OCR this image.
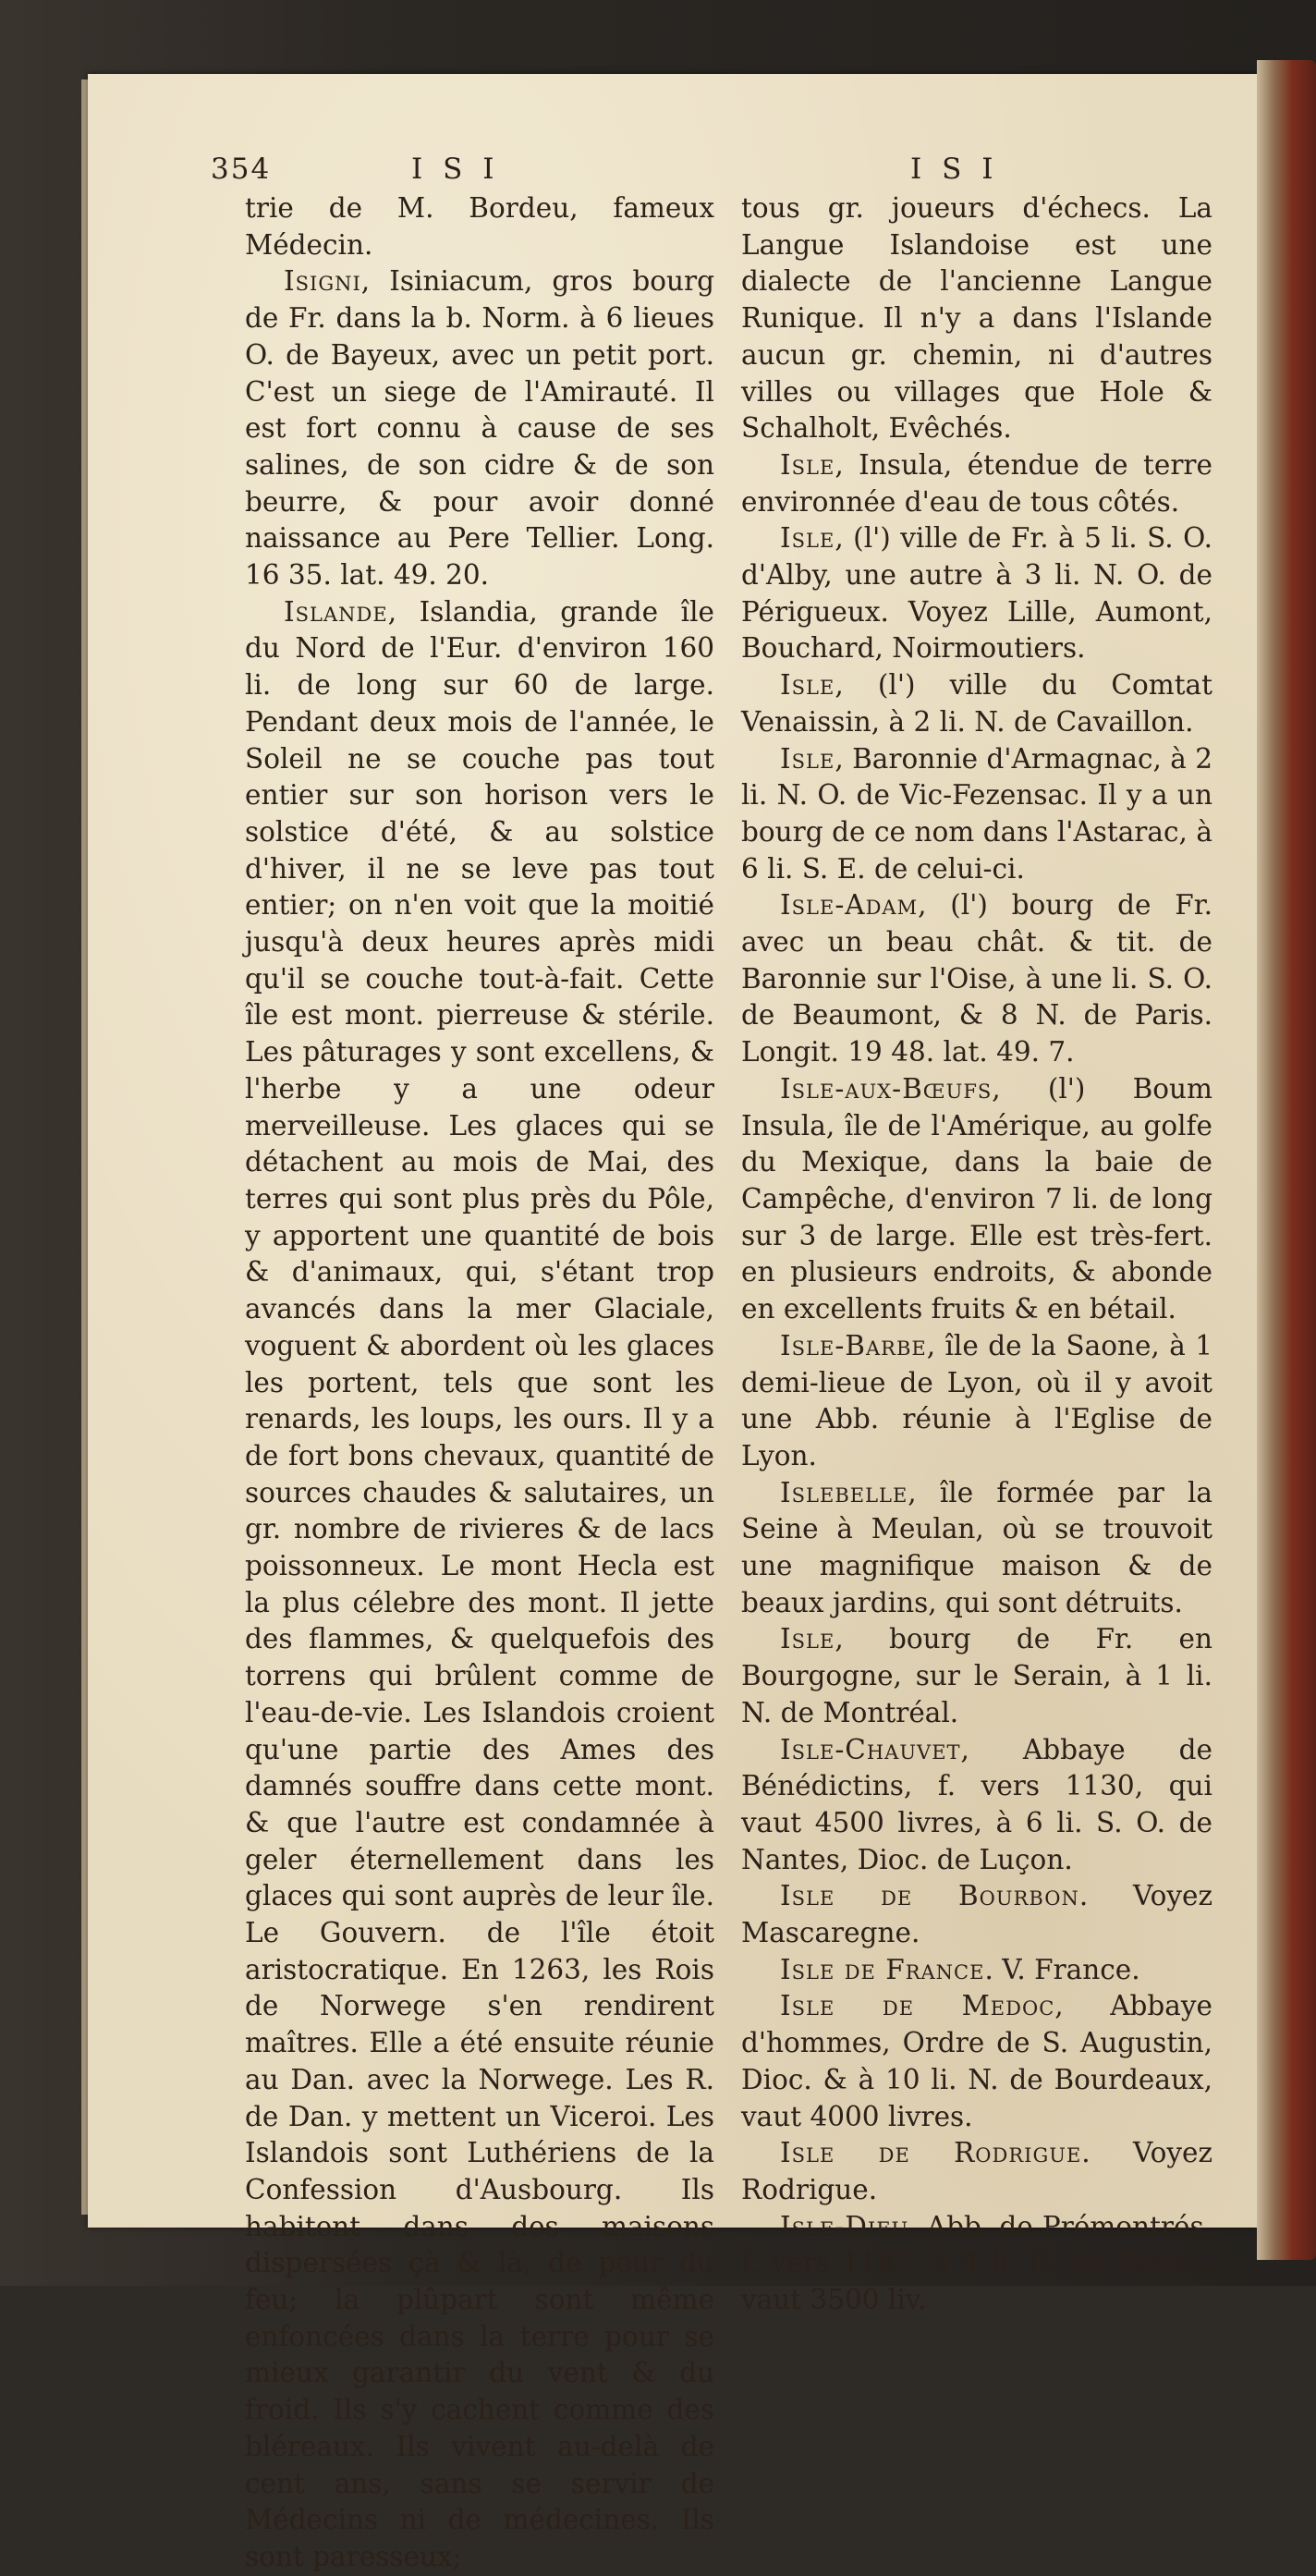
354	I S I	I S I

trie de M. Bordeu, fameux Médecin.

Isigni, Isiniacum, gros bourg de Fr. dans la b. Norm. à 6 lieues O. de Bayeux, avec un petit port. C'est un siege de l'Amirauté. Il est fort connu à cause de ses salines, de son cidre & de son beurre, & pour avoir donné naissance au Pere Tellier. Long. 16 35. lat. 49. 20.

Islande, Islandia, grande île du Nord de l'Eur. d'environ 160 li. de long sur 60 de large. Pendant deux mois de l'année, le Soleil ne se couche pas tout entier sur son horison vers le solstice d'été, & au solstice d'hiver, il ne se leve pas tout entier; on n'en voit que la moitié jusqu'à deux heures après midi qu'il se couche tout-à-fait. Cette île est mont. pierreuse & stérile. Les pâturages y sont excellens, & l'herbe y a une odeur merveilleuse. Les glaces qui se détachent au mois de Mai, des terres qui sont plus près du Pôle, y apportent une quantité de bois & d'animaux, qui, s'étant trop avancés dans la mer Glaciale, voguent & abordent où les glaces les portent, tels que sont les renards, les loups, les ours. Il y a de fort bons chevaux, quantité de sources chaudes & salutaires, un gr. nombre de rivieres & de lacs poissonneux. Le mont Hecla est la plus célebre des mont. Il jette des flammes, & quelquefois des torrens qui brûlent comme de l'eau-de-vie. Les Islandois croient qu'une partie des Ames des damnés souffre dans cette mont. & que l'autre est condamnée à geler éternellement dans les glaces qui sont auprès de leur île. Le Gouvern. de l'île étoit aristocratique. En 1263, les Rois de Norwege s'en rendirent maîtres. Elle a été ensuite réunie au Dan. avec la Norwege. Les R. de Dan. y mettent un Viceroi. Les Islandois sont Luthériens de la Confession d'Ausbourg. Ils habitent dans des maisons dispersées çà & là, de peur du feu; la plûpart sont même enfoncées dans la terre pour se mieux garantir du vent & du froid. Ils s'y cachent comme des bléreaux. Ils vivent au-delà de cent ans, sans se servir de Médecins ni de médecines. Ils sont paresseux;

tous gr. joueurs d'échecs. La Langue Islandoise est une dialecte de l'ancienne Langue Runique. Il n'y a dans l'Islande aucun gr. chemin, ni d'autres villes ou villages que Hole & Schalholt, Evêchés.

Isle, Insula, étendue de terre environnée d'eau de tous côtés.

Isle, (l') ville de Fr. à 5 li. S. O. d'Alby, une autre à 3 li. N. O. de Périgueux. Voyez Lille, Aumont, Bouchard, Noirmoutiers.

Isle, (l') ville du Comtat Venaissin, à 2 li. N. de Cavaillon.

Isle, Baronnie d'Armagnac, à 2 li. N. O. de Vic-Fezensac. Il y a un bourg de ce nom dans l'Astarac, à 6 li. S. E. de celui-ci.

Isle-Adam, (l') bourg de Fr. avec un beau chât. & tit. de Baronnie sur l'Oise, à une li. S. O. de Beaumont, & 8 N. de Paris. Longit. 19 48. lat. 49. 7.

Isle-aux-Bœufs, (l') Boum Insula, île de l'Amérique, au golfe du Mexique, dans la baie de Campêche, d'environ 7 li. de long sur 3 de large. Elle est très-fert. en plusieurs endroits, & abonde en excellents fruits & en bétail.

Isle-Barbe, île de la Saone, à 1 demi-lieue de Lyon, où il y avoit une Abb. réunie à l'Eglise de Lyon.

Islebelle, île formée par la Seine à Meulan, où se trouvoit une magnifique maison & de beaux jardins, qui sont détruits.

Isle, bourg de Fr. en Bourgogne, sur le Serain, à 1 li. N. de Montréal.

Isle-Chauvet, Abbaye de Bénédictins, f. vers 1130, qui vaut 4500 livres, à 6 li. S. O. de Nantes, Dioc. de Luçon.

Isle de Bourbon. Voyez Mascaregne.

Isle de France. V. France.

Isle de Medoc, Abbaye d'hommes, Ordre de S. Augustin, Dioc. & à 10 li. N. de Bourdeaux, vaut 4000 livres.

Isle de Rodrigue. Voyez Rodrigue.

Isle-Dieu, Abb. de Prémontrés, f. vers 1187, à 4 li. E. de Rouen, vaut 3500 liv.
